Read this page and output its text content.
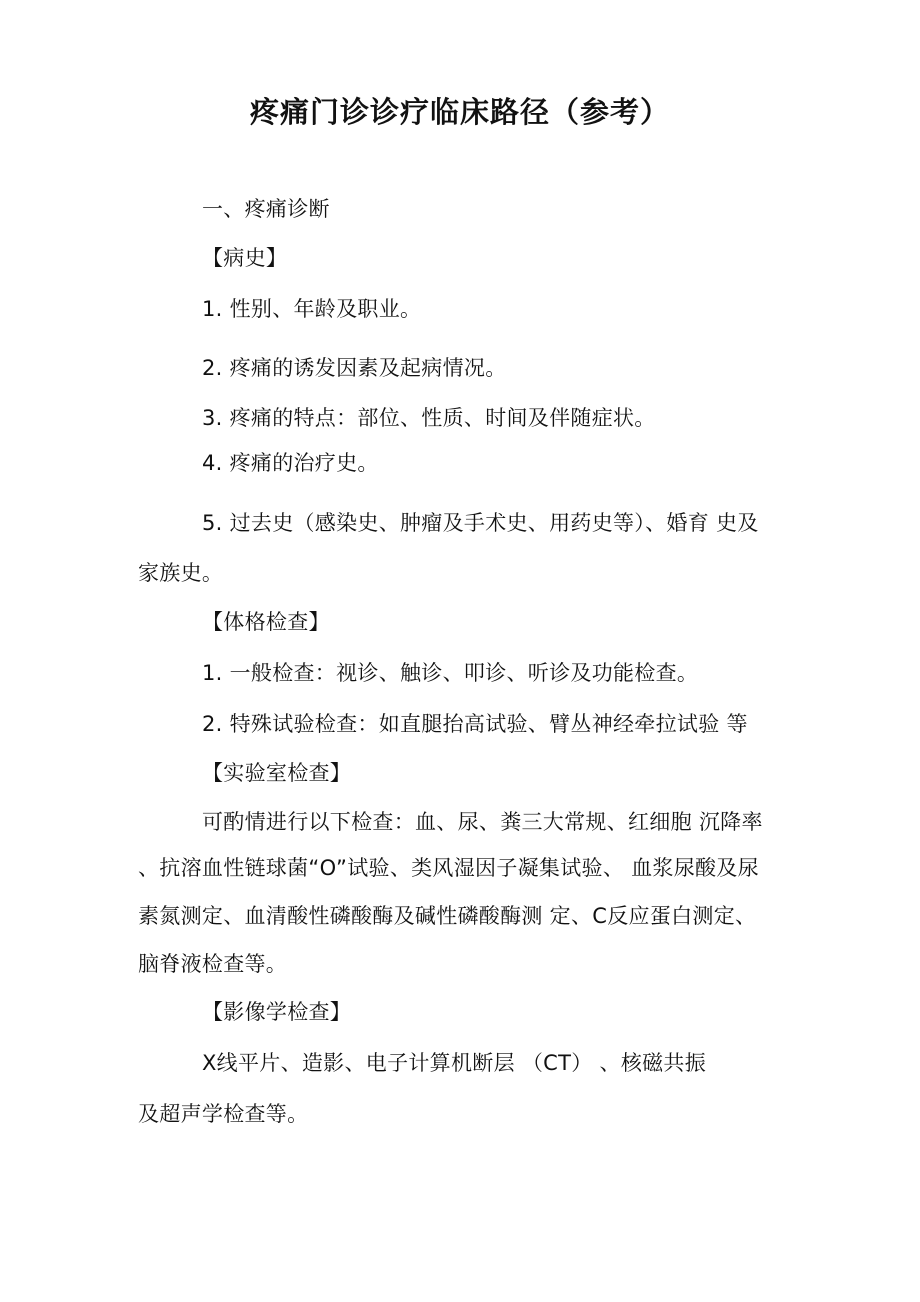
疼痛门诊诊疗临床路径（参考）
一、疼痛诊断
【病史】
1. 性别、年龄及职业。
2. 疼痛的诱发因素及起病情况。
3. 疼痛的特点：部位、性质、时间及伴随症状。
4. 疼痛的治疗史。
5. 过去史（感染史、肿瘤及手术史、用药史等）、婚育 史及
家族史。
【体格检查】
1. 一般检查：视诊、触诊、叩诊、听诊及功能检查。
2. 特殊试验检查：如直腿抬高试验、臂丛神经牵拉试验 等
【实验室检查】
可酌情进行以下检查：血、尿、粪三大常规、红细胞 沉降率
、抗溶血性链球菌“O”试验、类风湿因子凝集试验、 血浆尿酸及尿
素氮测定、血清酸性磷酸酶及碱性磷酸酶测 定、C反应蛋白测定、
脑脊液检查等。
【影像学检查】
X线平片、造影、电子计算机断层 （CT） 、核磁共振
及超声学检查等。
